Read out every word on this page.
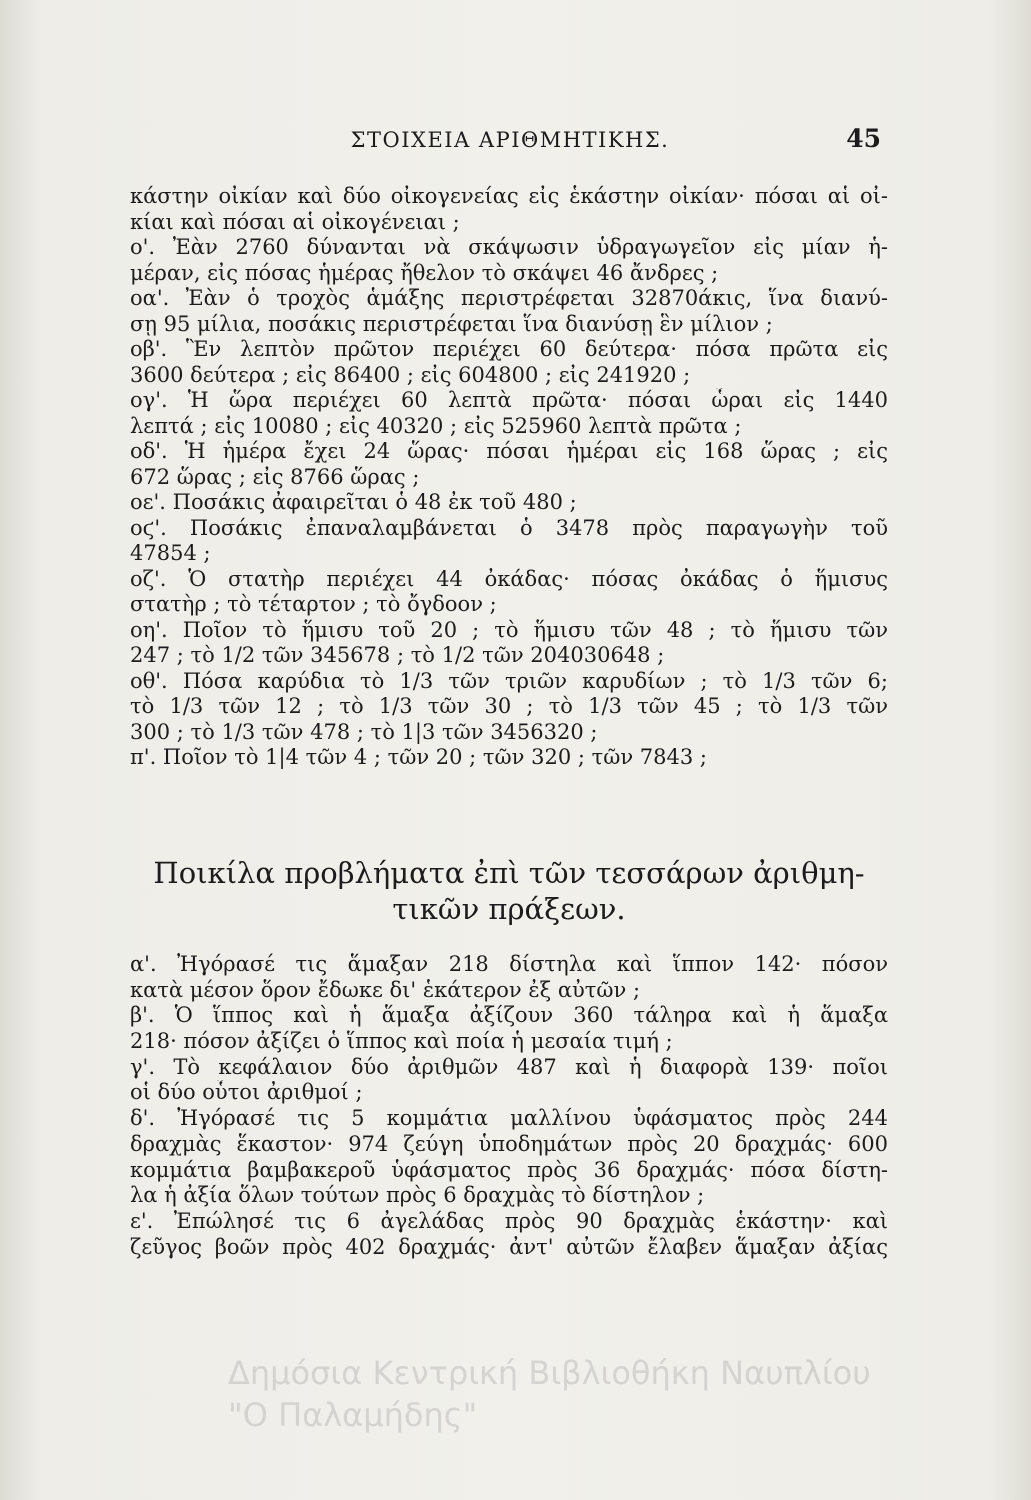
ΣΤΟΙΧΕΙΑ ΑΡΙΘΜΗΤΙΚΗΣ.	45
κάστην οἰκίαν καὶ δύο οἰκογενείας εἰς ἑκάστην οἰκίαν· πόσαι αἱ οἰ-
κίαι καὶ πόσαι αἱ οἰκογένειαι ;
ο'. Ἐὰν 2760 δύνανται νὰ σκάψωσιν ὑδραγωγεῖον εἰς μίαν ἡ-
μέραν, εἰς πόσας ἡμέρας ἤθελον τὸ σκάψει 46 ἄνδρες ;
οα'. Ἐὰν ὁ τροχὸς ἁμάξης περιστρέφεται 32870άκις, ἵνα διανύ-
σῃ 95 μίλια, ποσάκις περιστρέφεται ἵνα διανύσῃ ἓν μίλιον ;
οβ'. Ἓν λεπτὸν πρῶτον περιέχει 60 δεύτερα· πόσα πρῶτα εἰς
3600 δεύτερα ; εἰς 86400 ; εἰς 604800 ; εἰς 241920 ;
ογ'. Ἡ ὥρα περιέχει 60 λεπτὰ πρῶτα· πόσαι ὧραι εἰς 1440
λεπτά ; εἰς 10080 ; εἰς 40320 ; εἰς 525960 λεπτὰ πρῶτα ;
οδ'. Ἡ ἡμέρα ἔχει 24 ὥρας· πόσαι ἡμέραι εἰς 168 ὥρας ; εἰς
672 ὥρας ; εἰς 8766 ὥρας ;
οε'. Ποσάκις ἀφαιρεῖται ὁ 48 ἐκ τοῦ 480 ;
οϛ'. Ποσάκις ἐπαναλαμβάνεται ὁ 3478 πρὸς παραγωγὴν τοῦ
47854 ;
οζ'. Ὁ στατὴρ περιέχει 44 ὀκάδας· πόσας ὀκάδας ὁ ἥμισυς
στατὴρ ; τὸ τέταρτον ; τὸ ὄγδοον ;
οη'. Ποῖον τὸ ἥμισυ τοῦ 20 ; τὸ ἥμισυ τῶν 48 ; τὸ ἥμισυ τῶν
247 ; τὸ 1/2 τῶν 345678 ; τὸ 1/2 τῶν 204030648 ;
οθ'. Πόσα καρύδια τὸ 1/3 τῶν τριῶν καρυδίων ; τὸ 1/3 τῶν 6;
τὸ 1/3 τῶν 12 ; τὸ 1/3 τῶν 30 ; τὸ 1/3 τῶν 45 ; τὸ 1/3 τῶν
300 ; τὸ 1/3 τῶν 478 ; τὸ 1|3 τῶν 3456320 ;
π'. Ποῖον τὸ 1|4 τῶν 4 ; τῶν 20 ; τῶν 320 ; τῶν 7843 ;
Ποικίλα προβλήματα ἐπὶ τῶν τεσσάρων ἀριθμη-
τικῶν πράξεων.
α'. Ἠγόρασέ τις ἅμαξαν 218 δίστηλα καὶ ἵππον 142· πόσον
κατὰ μέσον ὅρον ἔδωκε δι' ἑκάτερον ἐξ αὐτῶν ;
β'. Ὁ ἵππος καὶ ἡ ἅμαξα ἀξίζουν 360 τάληρα καὶ ἡ ἅμαξα
218· πόσον ἀξίζει ὁ ἵππος καὶ ποία ἡ μεσαία τιμή ;
γ'. Τὸ κεφάλαιον δύο ἀριθμῶν 487 καὶ ἡ διαφορὰ 139· ποῖοι
οἱ δύο οὗτοι ἀριθμοί ;
δ'. Ἠγόρασέ τις 5 κομμάτια μαλλίνου ὑφάσματος πρὸς 244
δραχμὰς ἕκαστον· 974 ζεύγη ὑποδημάτων πρὸς 20 δραχμάς· 600
κομμάτια βαμβακεροῦ ὑφάσματος πρὸς 36 δραχμάς· πόσα δίστη-
λα ἡ ἀξία ὅλων τούτων πρὸς 6 δραχμὰς τὸ δίστηλον ;
ε'. Ἐπώλησέ τις 6 ἀγελάδας πρὸς 90 δραχμὰς ἑκάστην· καὶ
ζεῦγος βοῶν πρὸς 402 δραχμάς· ἀντ' αὐτῶν ἔλαβεν ἅμαξαν ἀξίας
Δημόσια Κεντρική Βιβλιοθήκη Ναυπλίου
"Ο Παλαμήδης"
